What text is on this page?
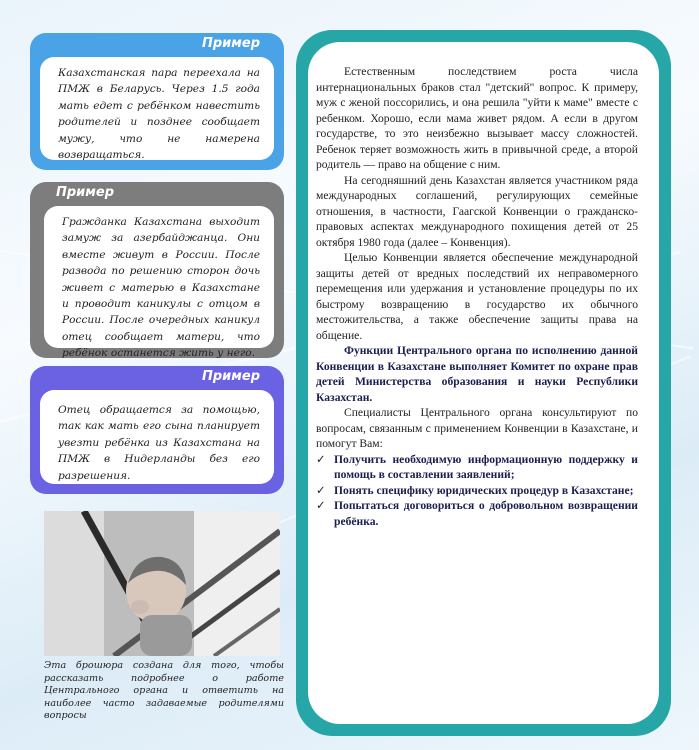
Пример

Казахстанская пара переехала на ПМЖ в Беларусь. Через 1.5 года мать едет с ребёнком навестить родителей и позднее сообщает мужу, что не намерена возвращаться.

Пример

Гражданка Казахстана выходит замуж за азербайджанца. Они вместе живут в России. После развода по решению сторон дочь живет с матерью в Казахстане и проводит каникулы с отцом в России. После очередных каникул отец сообщает матери, что ребёнок останется жить у него.

Пример

Отец обращается за помощью, так как мать его сына планирует увезти ребёнка из Казахстана на ПМЖ в Нидерланды без его разрешения.

Эта брошюра создана для того, чтобы рассказать подробнее о работе Центрального органа и ответить на наиболее часто задаваемые родителями вопросы

Естественным последствием роста числа интернациональных браков стал "детский" вопрос. К примеру, муж с женой поссорились, и она решила "уйти к маме" вместе с ребенком. Хорошо, если мама живет рядом. А если в другом государстве, то это неизбежно вызывает массу сложностей. Ребенок теряет возможность жить в привычной среде, а второй родитель — право на общение с ним.

На сегодняшний день Казахстан является участником ряда международных соглашений, регулирующих семейные отношения, в частности, Гаагской Конвенции о гражданско-правовых аспектах международного похищения детей от 25 октября 1980 года (далее – Конвенция).

Целью Конвенции является обеспечение международной защиты детей от вредных последствий их неправомерного перемещения или удержания и установление процедуры по их быстрому возвращению в государство их обычного местожительства, а также обеспечение защиты права на общение.

Функции Центрального органа по исполнению данной Конвенции в Казахстане выполняет Комитет по охране прав детей Министерства образования и науки Республики Казахстан.

Специалисты Центрального органа консультируют по вопросам, связанным с применением Конвенции в Казахстане, и помогут Вам:

✓ Получить необходимую информационную поддержку и помощь в составлении заявлений;
✓ Понять специфику юридических процедур в Казахстане;
✓ Попытаться договориться о добровольном возвращении ребёнка.
